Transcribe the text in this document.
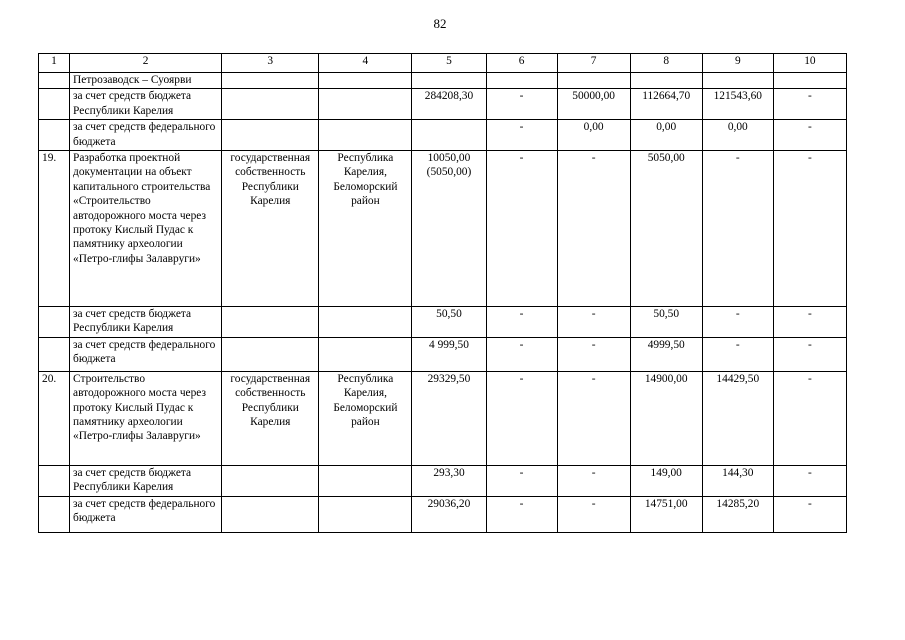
82
1	2	3	4	5	6	7	8	9	10
	Петрозаводск – Суоярви								
	за счет средств бюджета Республики Карелия			284208,30	-	50000,00	112664,70	121543,60	-
	за счет средств федерального бюджета				-	0,00	0,00	0,00	-
19.	Разработка проектной документации на объект капитального строительства «Строительство автодорожного моста через протоку Кислый Пудас к памятнику археологии «Петро-глифы Залавруги»	государственная собственность Республики Карелия	Республика Карелия, Беломорский район	10050,00 (5050,00)	-	-	5050,00	-	-
	за счет средств бюджета Республики Карелия			50,50	-	-	50,50	-	-
	за счет средств федерального бюджета			4 999,50	-	-	4999,50	-	-
20.	Строительство автодорожного моста через протоку Кислый Пудас к памятнику археологии «Петро-глифы Залавруги»	государственная собственность Республики Карелия	Республика Карелия, Беломорский район	29329,50	-	-	14900,00	14429,50	-
	за счет средств бюджета Республики Карелия			293,30	-	-	149,00	144,30	-
	за счет средств федерального бюджета			29036,20	-	-	14751,00	14285,20	-
